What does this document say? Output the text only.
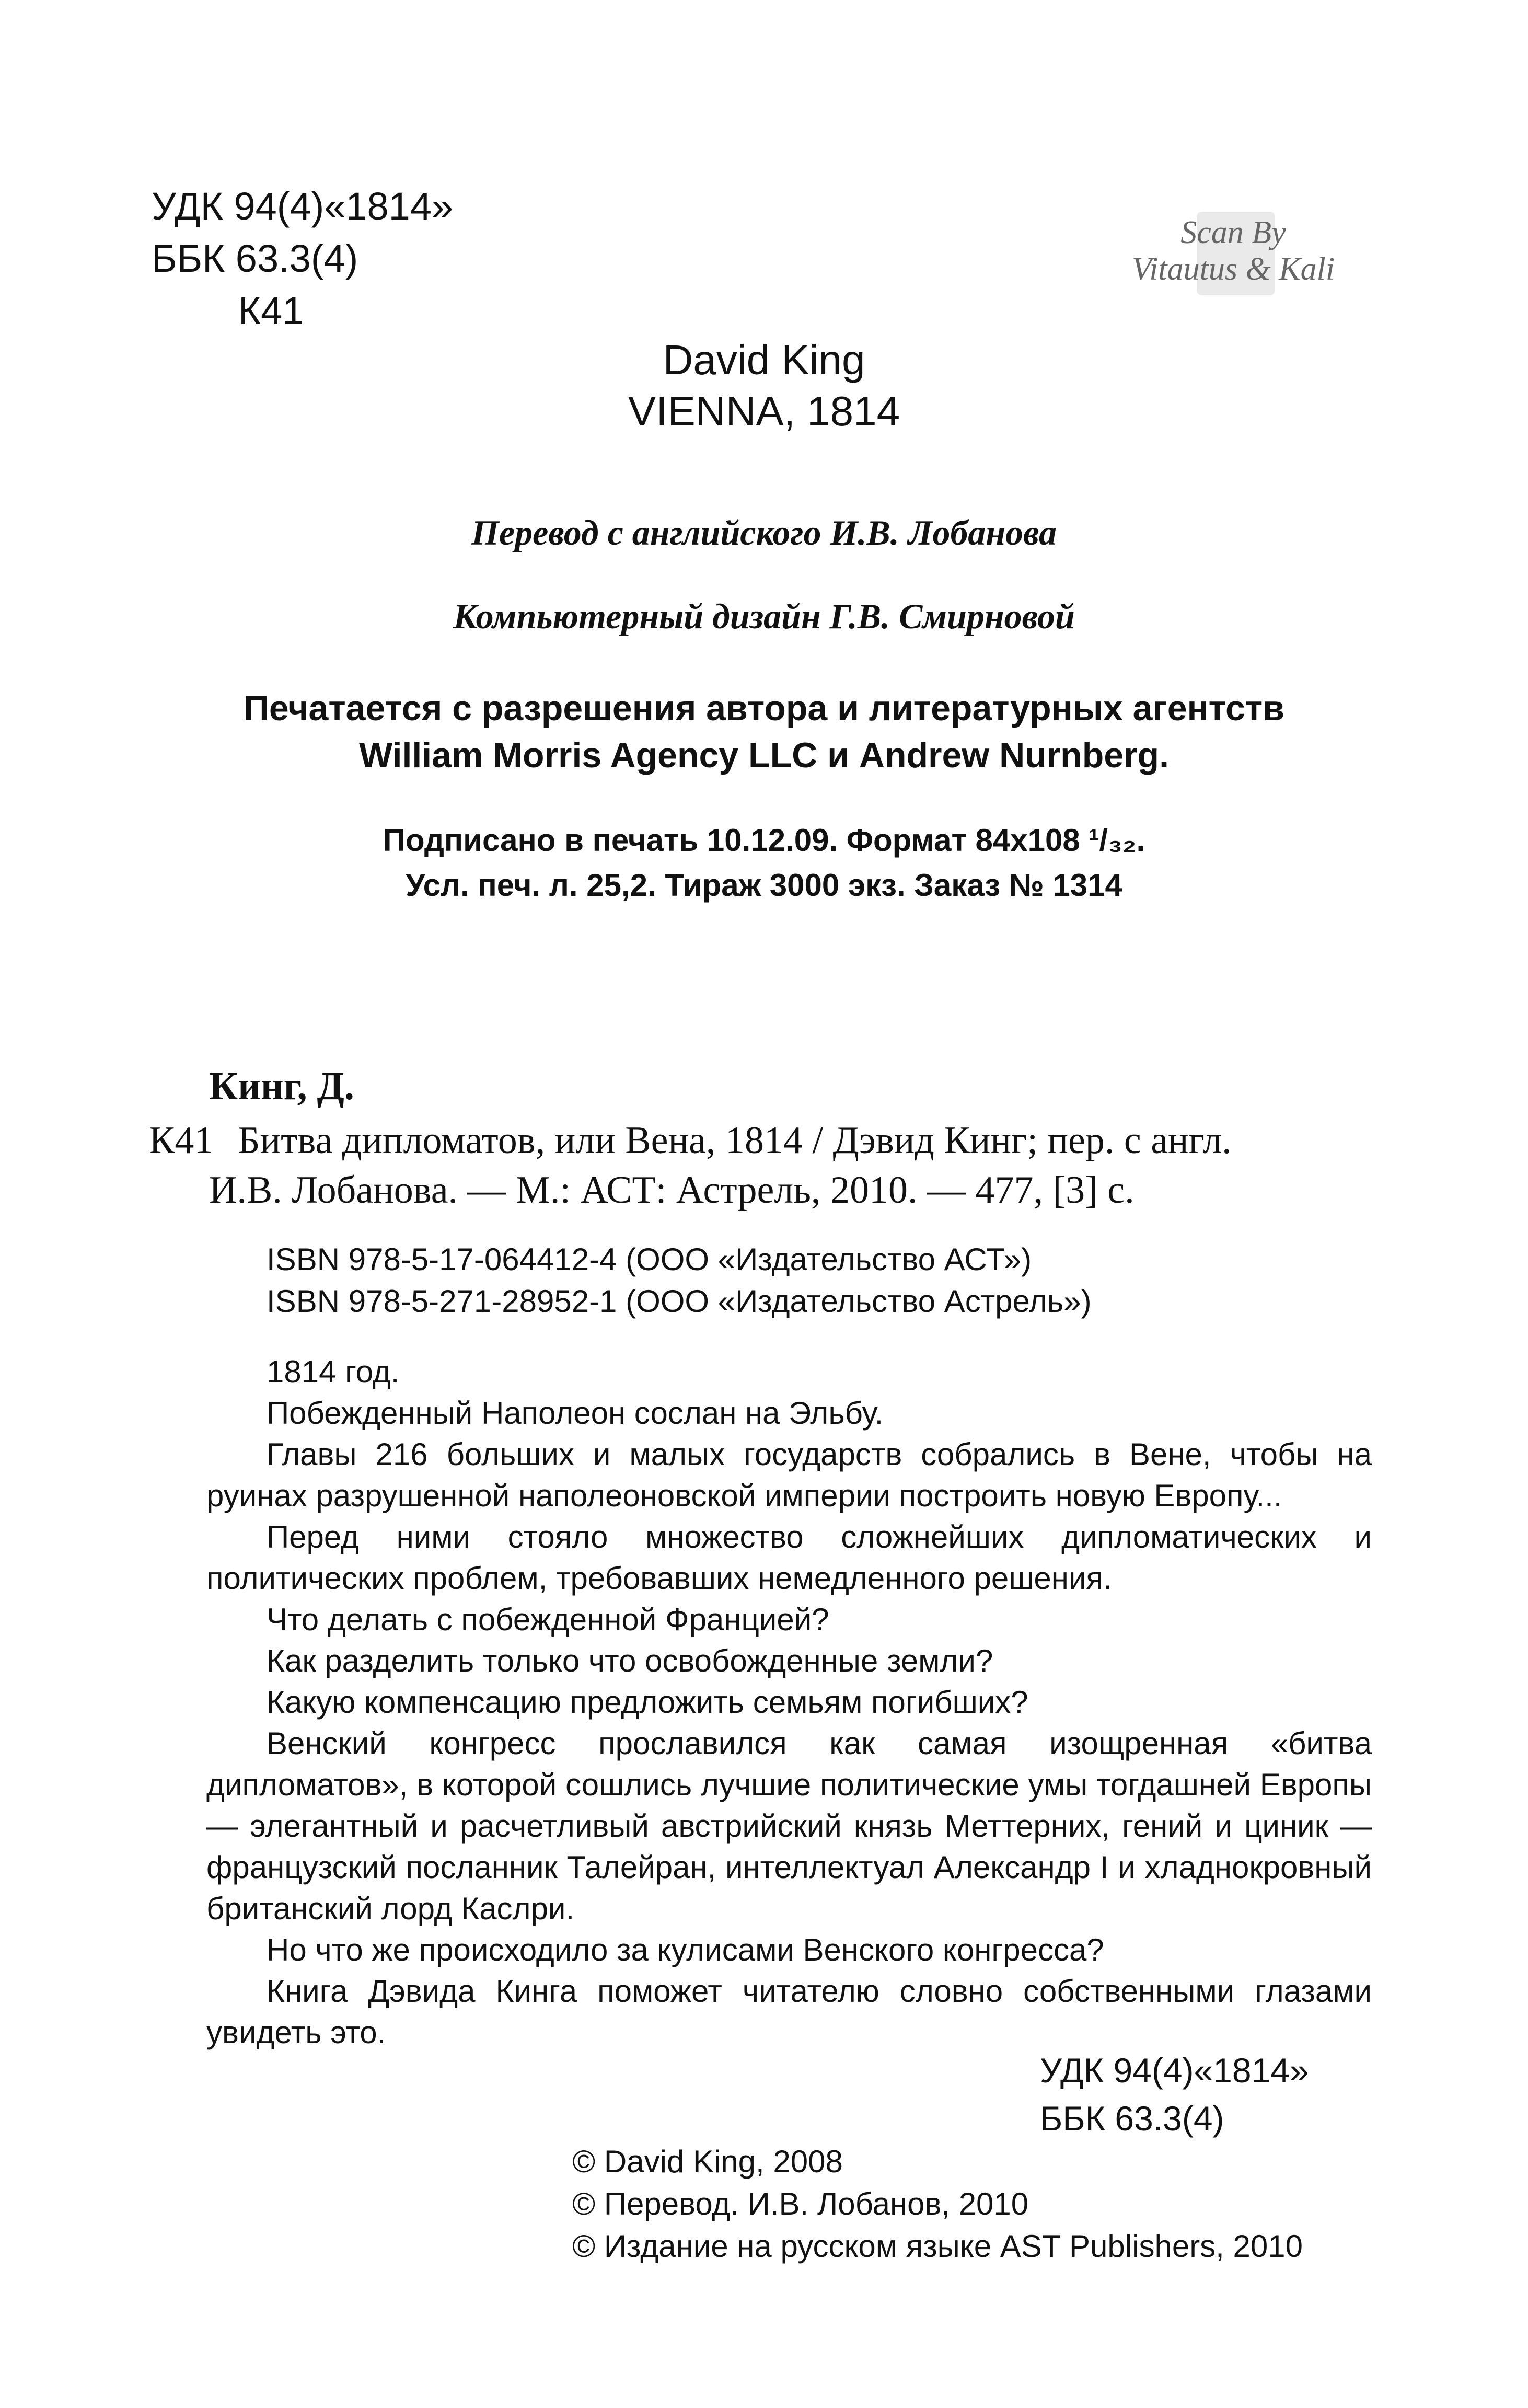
УДК 94(4)«1814»
ББК 63.3(4)
К41
Scan By
Vitautus & Kali
David King
VIENNA, 1814
Перевод с английского И.В. Лобанова
Компьютерный дизайн Г.В. Смирновой
Печатается с разрешения автора и литературных агентств
William Morris Agency LLC и Andrew Nurnberg.
Подписано в печать 10.12.09. Формат 84x108 ¹/₃₂.
Усл. печ. л. 25,2. Тираж 3000 экз. Заказ № 1314
Кинг, Д.
К41 Битва дипломатов, или Вена, 1814 / Дэвид Кинг; пер. с англ.
И.В. Лобанова. — М.: АСТ: Астрель, 2010. — 477, [3] с.
ISBN 978-5-17-064412-4 (ООО «Издательство АСТ»)
ISBN 978-5-271-28952-1 (ООО «Издательство Астрель»)

1814 год.

Побежденный Наполеон сослан на Эльбу.

Главы 216 больших и малых государств собрались в Вене, чтобы на руинах разрушенной наполеоновской империи построить новую Европу...

Перед ними стояло множество сложнейших дипломатических и политических проблем, требовавших немедленного решения.

Что делать с побежденной Францией?

Как разделить только что освобожденные земли?

Какую компенсацию предложить семьям погибших?

Венский конгресс прославился как самая изощренная «битва дипломатов», в которой сошлись лучшие политические умы тогдашней Европы — элегантный и расчетливый австрийский князь Меттерних, гений и циник — французский посланник Талейран, интеллектуал Александр I и хладнокровный британский лорд Каслри.

Но что же происходило за кулисами Венского конгресса?

Книга Дэвида Кинга поможет читателю словно собственными глазами увидеть это.

УДК 94(4)«1814»
ББК 63.3(4)
© David King, 2008
© Перевод. И.В. Лобанов, 2010
© Издание на русском языке AST Publishers, 2010
